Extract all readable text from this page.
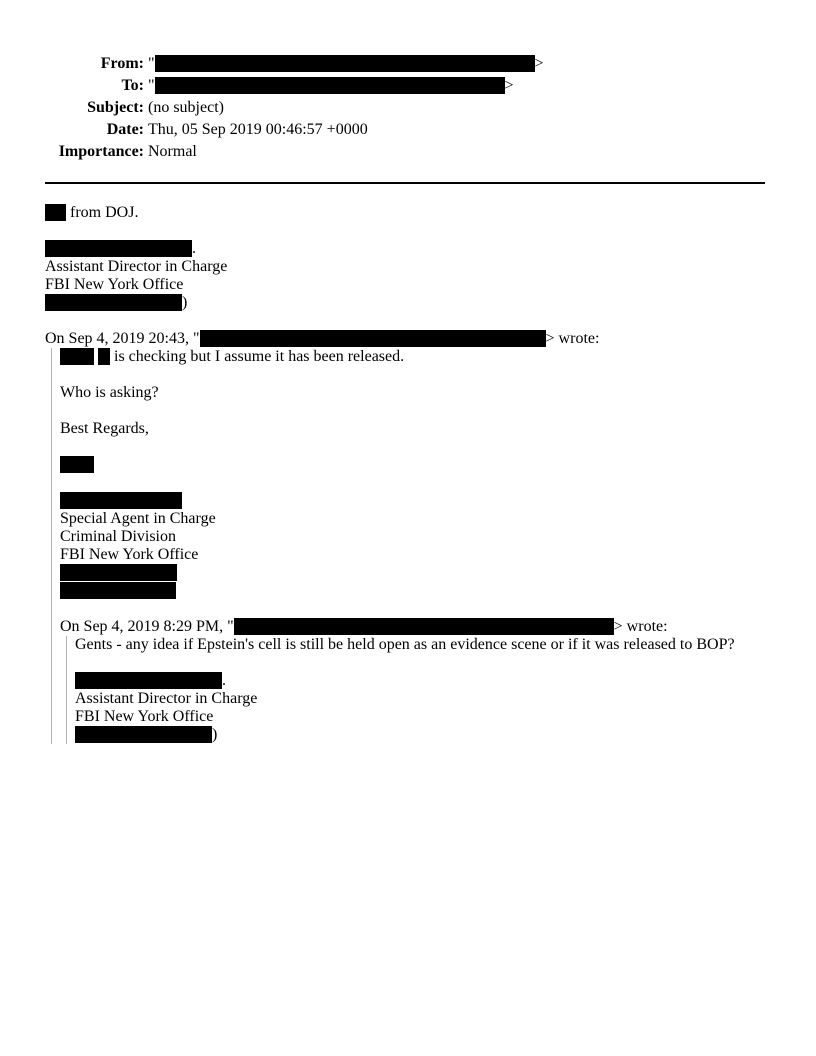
From: "	>
To: "	>
Subject: (no subject)
Date: Thu, 05 Sep 2019 00:46:57 +0000
Importance: Normal
from DOJ.
.
Assistant Director in Charge
FBI New York Office
)
On Sep 4, 2019 20:43, "	> wrote:
is checking but I assume it has been released.
Who is asking?
Best Regards,
Special Agent in Charge
Criminal Division
FBI New York Office
On Sep 4, 2019 8:29 PM, "	> wrote:
Gents - any idea if Epstein's cell is still be held open as an evidence scene or if it was released to BOP?
.
Assistant Director in Charge
FBI New York Office
)
